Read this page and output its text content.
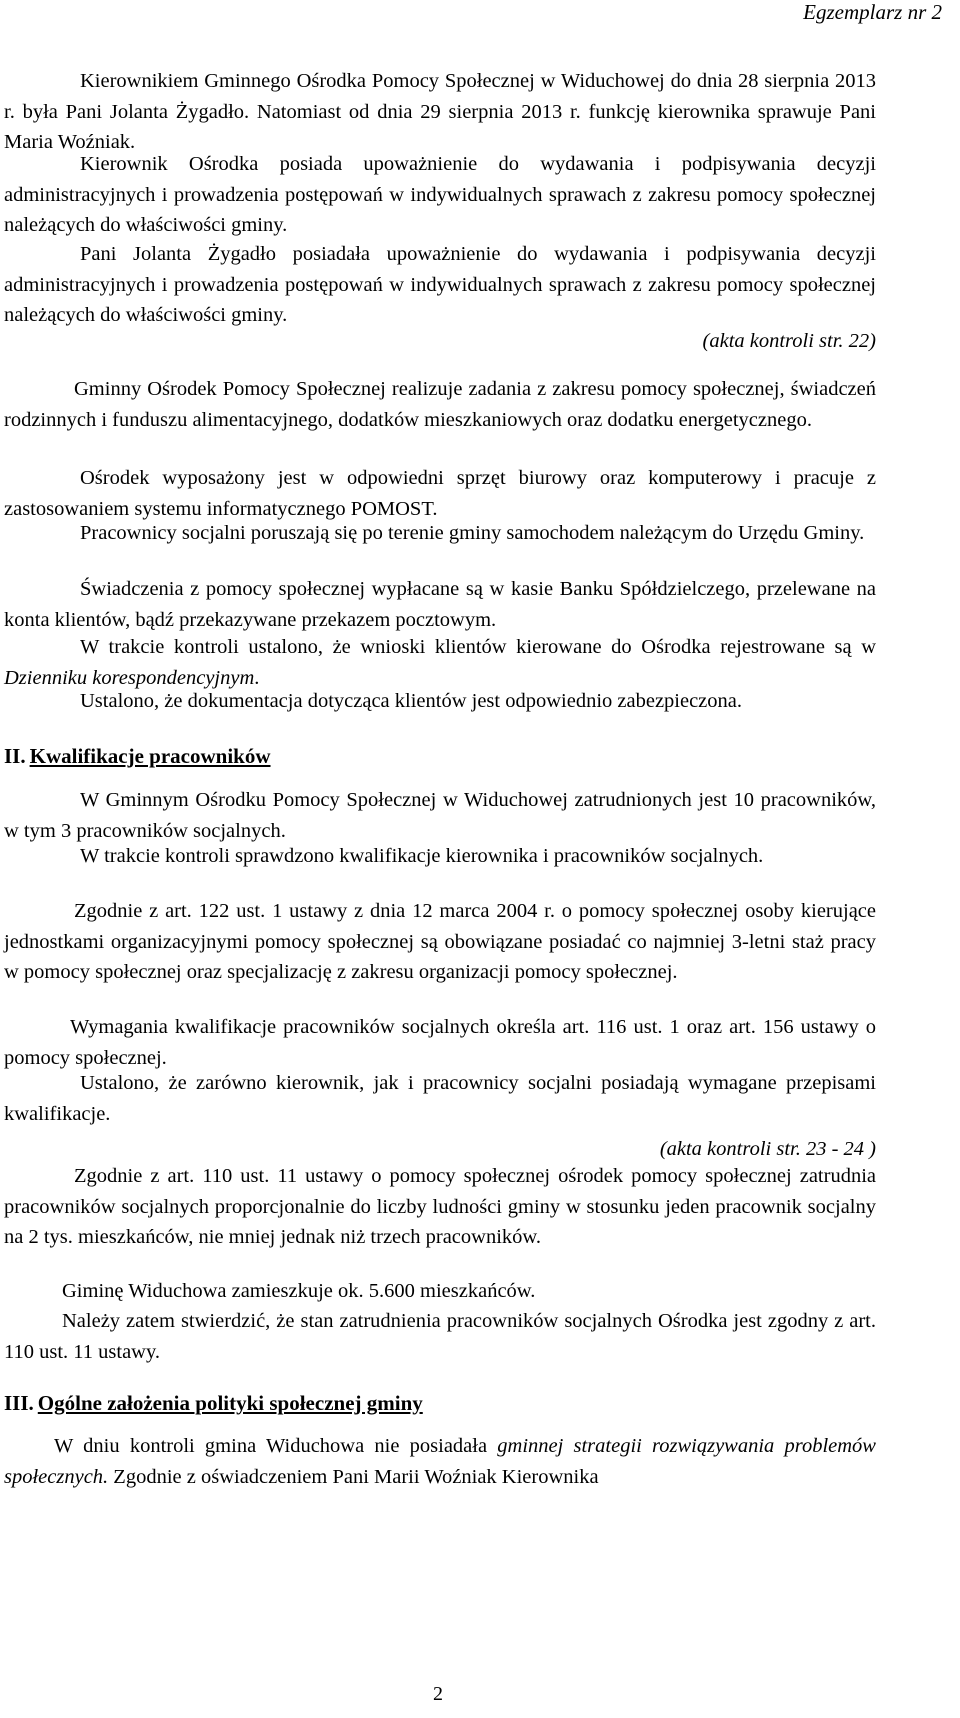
Egzemplarz nr 2

Kierownikiem Gminnego Ośrodka Pomocy Społecznej w Widuchowej do dnia 28 sierpnia 2013 r. była Pani Jolanta Żygadło. Natomiast od dnia 29 sierpnia 2013 r. funkcję kierownika sprawuje Pani Maria Woźniak.

Kierownik Ośrodka posiada upoważnienie do wydawania i podpisywania decyzji administracyjnych i prowadzenia postępowań w indywidualnych sprawach z zakresu pomocy społecznej należących do właściwości gminy.

Pani Jolanta Żygadło posiadała upoważnienie do wydawania i podpisywania decyzji administracyjnych i prowadzenia postępowań w indywidualnych sprawach z zakresu pomocy społecznej należących do właściwości gminy.

(akta kontroli str. 22)

Gminny Ośrodek Pomocy Społecznej realizuje zadania z zakresu pomocy społecznej, świadczeń rodzinnych i funduszu alimentacyjnego, dodatków mieszkaniowych oraz dodatku energetycznego.

Ośrodek wyposażony jest w odpowiedni sprzęt biurowy oraz komputerowy i pracuje z zastosowaniem systemu informatycznego POMOST.

Pracownicy socjalni poruszają się po terenie gminy samochodem należącym do Urzędu Gminy.

Świadczenia z pomocy społecznej wypłacane są w kasie Banku Spółdzielczego, przelewane na konta klientów, bądź przekazywane przekazem pocztowym.

W trakcie kontroli ustalono, że wnioski klientów kierowane do Ośrodka rejestrowane są w Dzienniku korespondencyjnym.

Ustalono, że dokumentacja dotycząca klientów jest odpowiednio zabezpieczona.

II. Kwalifikacje pracowników

W Gminnym Ośrodku Pomocy Społecznej w Widuchowej zatrudnionych jest 10 pracowników, w tym 3 pracowników socjalnych.

W trakcie kontroli sprawdzono kwalifikacje kierownika i pracowników socjalnych.

Zgodnie z art. 122 ust. 1 ustawy z dnia 12 marca 2004 r. o pomocy społecznej osoby kierujące jednostkami organizacyjnymi pomocy społecznej są obowiązane posiadać co najmniej 3-letni staż pracy w pomocy społecznej oraz specjalizację z zakresu organizacji pomocy społecznej.

Wymagania kwalifikacje pracowników socjalnych określa art. 116 ust. 1 oraz art. 156 ustawy o pomocy społecznej.

Ustalono, że zarówno kierownik, jak i pracownicy socjalni posiadają wymagane przepisami kwalifikacje.

(akta kontroli str. 23 - 24 )

Zgodnie z art. 110 ust. 11 ustawy o pomocy społecznej ośrodek pomocy społecznej zatrudnia pracowników socjalnych proporcjonalnie do liczby ludności gminy w stosunku jeden pracownik socjalny na 2 tys. mieszkańców, nie mniej jednak niż trzech pracowników.

Giminę Widuchowa zamieszkuje ok. 5.600 mieszkańców.

Należy zatem stwierdzić, że stan zatrudnienia pracowników socjalnych Ośrodka jest zgodny z art. 110 ust. 11 ustawy.

III. Ogólne założenia polityki społecznej gminy

W dniu kontroli gmina Widuchowa nie posiadała gminnej strategii rozwiązywania problemów społecznych. Zgodnie z oświadczeniem Pani Marii Woźniak Kierownika

2
